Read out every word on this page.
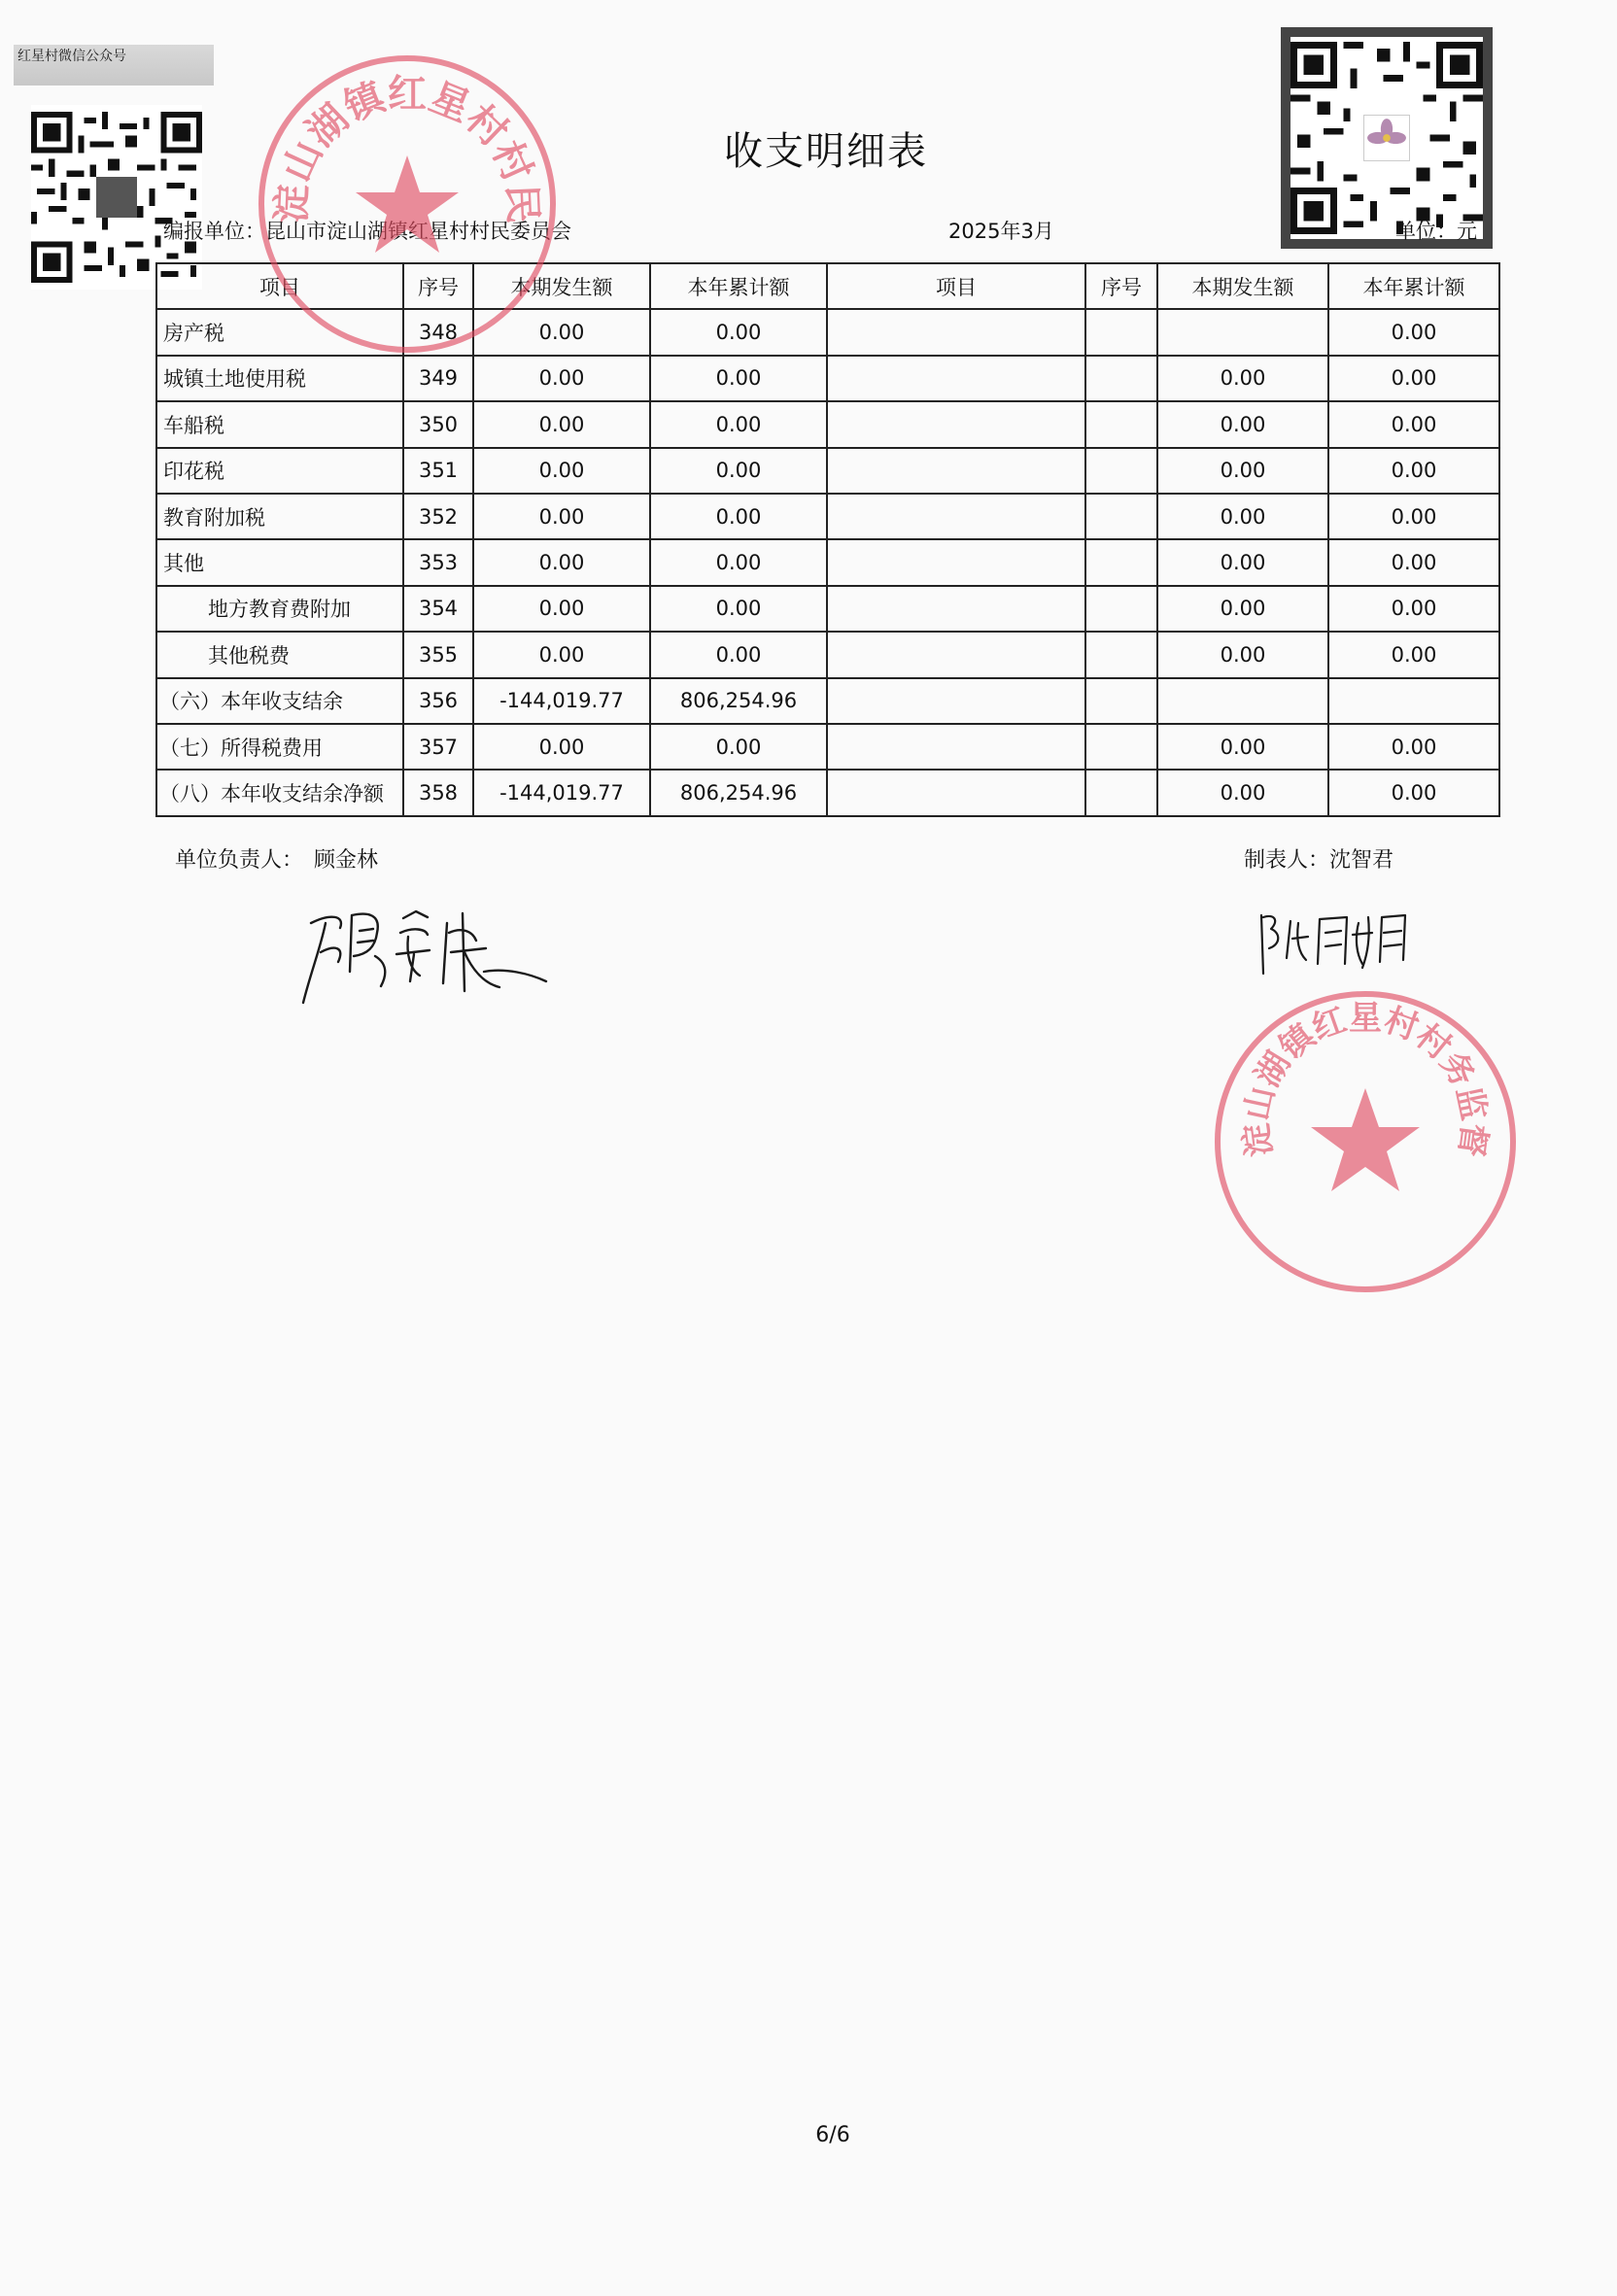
红星村微信公众号
收支明细表
编报单位：昆山市淀山湖镇红星村村民委员会	2025年3月	单位：元
项目	序号	本期发生额	本年累计额	项目	序号	本期发生额	本年累计额
房产税	348	0.00	0.00				0.00
城镇土地使用税	349	0.00	0.00			0.00	0.00
车船税	350	0.00	0.00			0.00	0.00
印花税	351	0.00	0.00			0.00	0.00
教育附加税	352	0.00	0.00			0.00	0.00
其他	353	0.00	0.00			0.00	0.00
地方教育费附加	354	0.00	0.00			0.00	0.00
其他税费	355	0.00	0.00			0.00	0.00
（六）本年收支结余	356	-144,019.77	806,254.96				
（七）所得税费用	357	0.00	0.00			0.00	0.00
（八）本年收支结余净额	358	-144,019.77	806,254.96			0.00	0.00
单位负责人：　顾金林	制表人：沈智君
淀山湖镇红星村村民
淀山湖镇红星村村务监督
6/6
